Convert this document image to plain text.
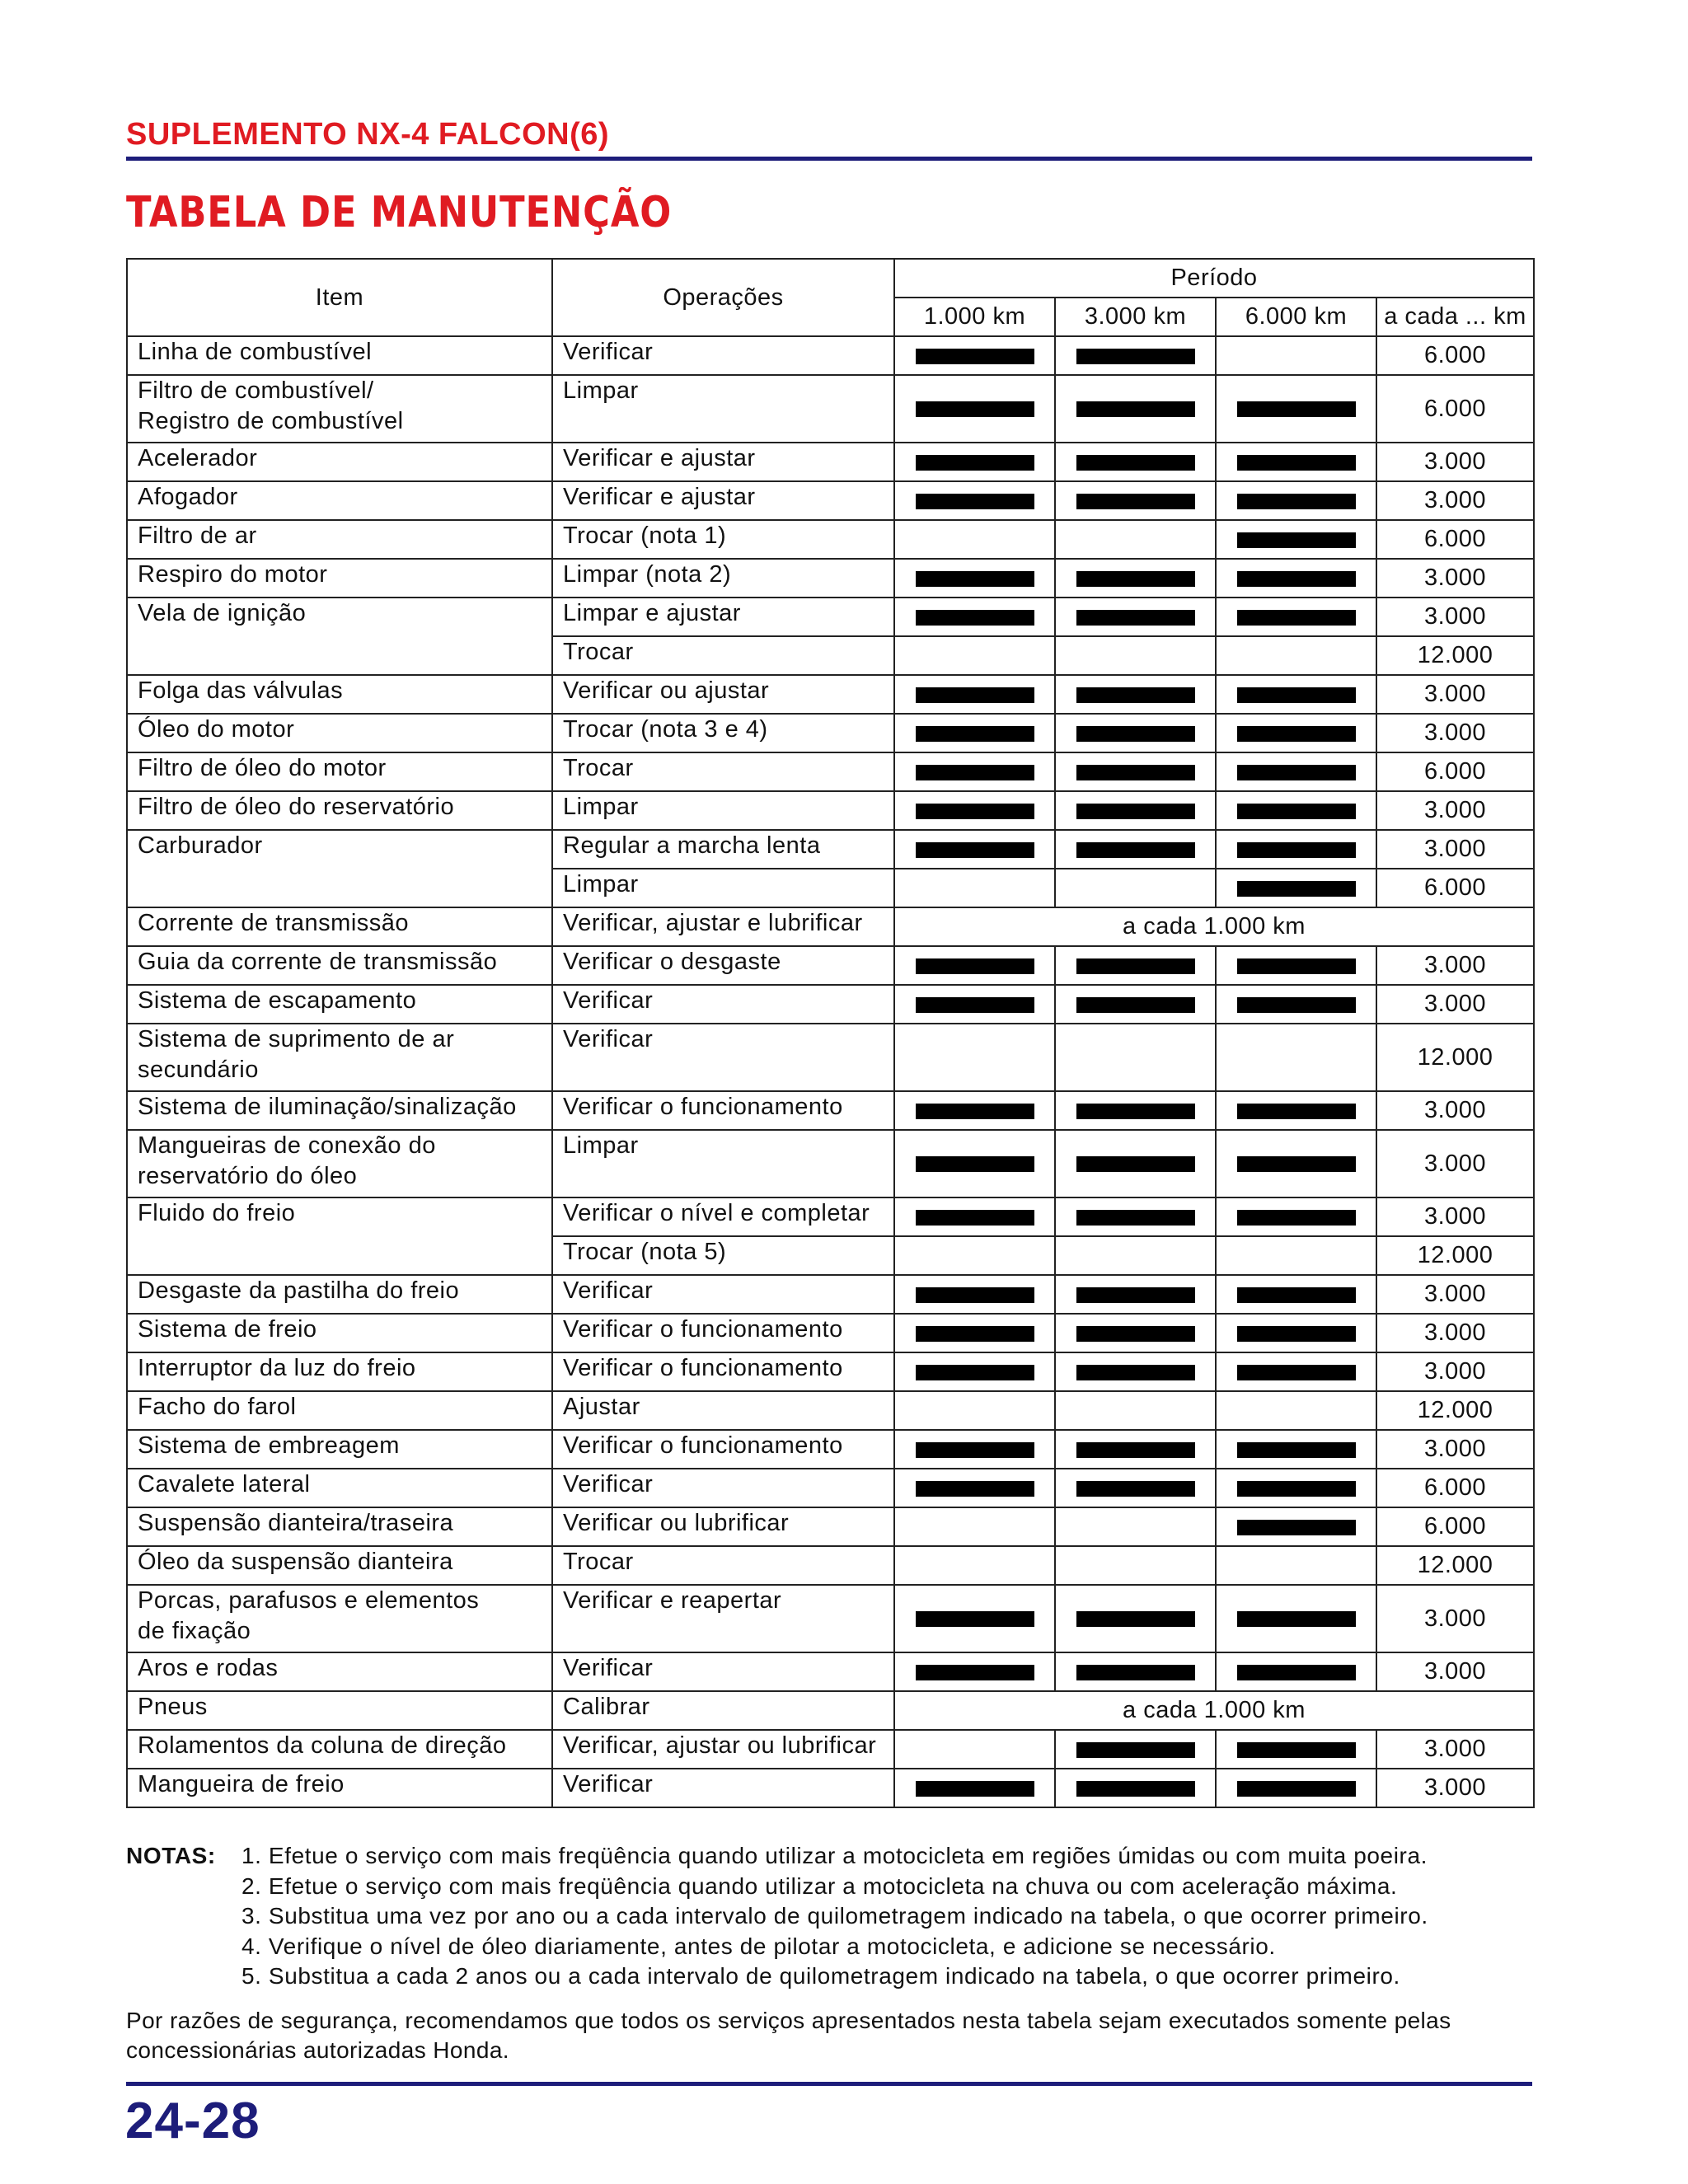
SUPLEMENTO NX-4 FALCON(6)
TABELA DE MANUTENÇÃO
Item	Operações	Período			
		1.000 km	3.000 km	6.000 km	a cada ... km
Linha de combustível	Verificar				6.000
Filtro de combustível/
Registro de combustível	Limpar				6.000
Acelerador	Verificar e ajustar				3.000
Afogador	Verificar e ajustar				3.000
Filtro de ar	Trocar (nota 1)				6.000
Respiro do motor	Limpar (nota 2)				3.000
Vela de ignição	Limpar e ajustar				3.000
	Trocar				12.000
Folga das válvulas	Verificar ou ajustar				3.000
Óleo do motor	Trocar (nota 3 e 4)				3.000
Filtro de óleo do motor	Trocar				6.000
Filtro de óleo do reservatório	Limpar				3.000
Carburador	Regular a marcha lenta				3.000
	Limpar				6.000
Corrente de transmissão	Verificar, ajustar e lubrificar	a cada 1.000 km			
Guia da corrente de transmissão	Verificar o desgaste				3.000
Sistema de escapamento	Verificar				3.000
Sistema de suprimento de ar
secundário	Verificar				12.000
Sistema de iluminação/sinalização	Verificar o funcionamento				3.000
Mangueiras de conexão do
reservatório do óleo	Limpar				3.000
Fluido do freio	Verificar o nível e completar				3.000
	Trocar (nota 5)				12.000
Desgaste da pastilha do freio	Verificar				3.000
Sistema de freio	Verificar o funcionamento				3.000
Interruptor da luz do freio	Verificar o funcionamento				3.000
Facho do farol	Ajustar				12.000
Sistema de embreagem	Verificar o funcionamento				3.000
Cavalete lateral	Verificar				6.000
Suspensão dianteira/traseira	Verificar ou lubrificar				6.000
Óleo da suspensão dianteira	Trocar				12.000
Porcas, parafusos e elementos
de fixação	Verificar e reapertar				3.000
Aros e rodas	Verificar				3.000
Pneus	Calibrar	a cada 1.000 km			
Rolamentos da coluna de direção	Verificar, ajustar ou lubrificar				3.000
Mangueira de freio	Verificar				3.000
NOTAS: 1. Efetue o serviço com mais freqüência quando utilizar a motocicleta em regiões úmidas ou com muita poeira.
2. Efetue o serviço com mais freqüência quando utilizar a motocicleta na chuva ou com aceleração máxima.
3. Substitua uma vez por ano ou a cada intervalo de quilometragem indicado na tabela, o que ocorrer primeiro.
4. Verifique o nível de óleo diariamente, antes de pilotar a motocicleta, e adicione se necessário.
5. Substitua a cada 2 anos ou a cada intervalo de quilometragem indicado na tabela, o que ocorrer primeiro.
Por razões de segurança, recomendamos que todos os serviços apresentados nesta tabela sejam executados somente pelas concessionárias autorizadas Honda.
24-28
